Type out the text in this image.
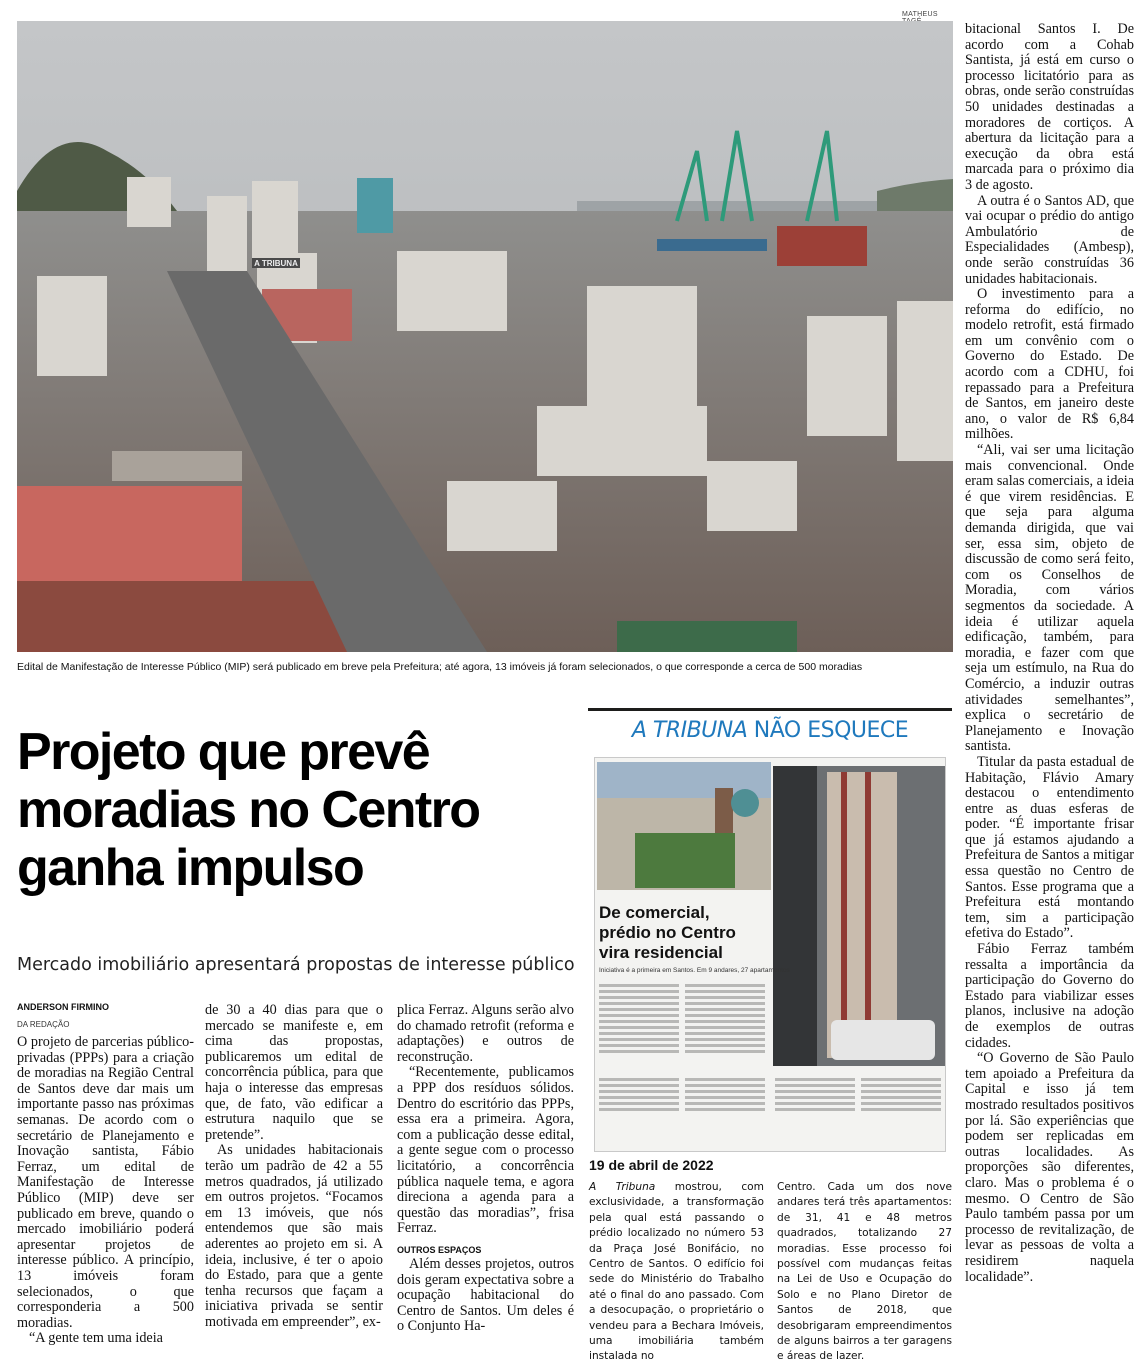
MATHEUS
A TRIBUNA
Edital de Manifestação de Interesse Público (MIP) será publicado em breve pela Prefeitura; até agora, 13 imóveis já foram selecionados, o que corresponde a cerca de 500 moradias
Projeto que prevê moradias no Centro ganha impulso
Mercado imobiliário apresentará propostas de interesse público
ANDERSON FIRMINO
DA REDAÇÃO

O projeto de parcerias público-privadas (PPPs) para a criação de moradias na Região Central de Santos deve dar mais um importante passo nas próximas semanas. De acordo com o secretário de Planejamento e Inovação santista, Fábio Ferraz, um edital de Manifestação de Interesse Público (MIP) deve ser publicado em breve, quando o mercado imobiliário poderá apresentar projetos de interesse público. A princípio, 13 imóveis foram selecionados, o que corresponderia a 500 moradias.

“A gente tem uma ideia

de 30 a 40 dias para que o mercado se manifeste e, em cima das propostas, publicaremos um edital de concorrência pública, para que haja o interesse das empresas que, de fato, vão edificar a estrutura naquilo que se pretende”.

As unidades habitacionais terão um padrão de 42 a 55 metros quadrados, já utilizado em outros projetos. “Focamos em 13 imóveis, que nós entendemos que são mais aderentes ao projeto em si. A ideia, inclusive, é ter o apoio do Estado, para que a gente tenha recursos que façam a iniciativa privada se sentir motivada em empreender”, ex-

plica Ferraz. Alguns serão alvo do chamado retrofit (reforma e adaptações) e outros de reconstrução.

“Recentemente, publicamos a PPP dos resíduos sólidos. Dentro do escritório das PPPs, essa era a primeira. Agora, com a publicação desse edital, a gente segue com o processo licitatório, a concorrência pública naquele tema, e agora direciona a agenda para a questão das moradias”, frisa Ferraz.

OUTROS ESPAÇOS

Além desses projetos, outros dois geram expectativa sobre a ocupação habitacional do Centro de Santos. Um deles é o Conjunto Ha-

bitacional Santos I. De acordo com a Cohab Santista, já está em curso o processo licitatório para as obras, onde serão construídas 50 unidades destinadas a moradores de cortiços. A abertura da licitação para a execução da obra está marcada para o próximo dia 3 de agosto.

A outra é o Santos AD, que vai ocupar o prédio do antigo Ambulatório de Especialidades (Ambesp), onde serão construídas 36 unidades habitacionais.

O investimento para a reforma do edifício, no modelo retrofit, está firmado em um convênio com o Governo do Estado. De acordo com a CDHU, foi repassado para a Prefeitura de Santos, em janeiro deste ano, o valor de R$ 6,84 milhões.

“Ali, vai ser uma licitação mais convencional. Onde eram salas comerciais, a ideia é que virem residências. E que seja para alguma demanda dirigida, que vai ser, essa sim, objeto de discussão de como será feito, com os Conselhos de Moradia, com vários segmentos da sociedade. A ideia é utilizar aquela edificação, também, para moradia, e fazer com que seja um estímulo, na Rua do Comércio, a induzir outras atividades semelhantes”, explica o secretário de Planejamento e Inovação santista.

Titular da pasta estadual de Habitação, Flávio Amary destacou o entendimento entre as duas esferas de poder. “É importante frisar que já estamos ajudando a Prefeitura de Santos a mitigar essa questão no Centro de Santos. Esse programa que a Prefeitura está montando tem, sim a participação efetiva do Estado”.

Fábio Ferraz também ressalta a importância da participação do Governo do Estado para viabilizar esses planos, inclusive na adoção de exemplos de outras cidades.

“O Governo de São Paulo tem apoiado a Prefeitura da Capital e isso já tem mostrado resultados positivos por lá. São experiências que podem ser replicadas em outras localidades. As proporções são diferentes, claro. Mas o problema é o mesmo. O Centro de São Paulo também passa por um processo de revitalização, de levar as pessoas de volta a residirem naquela localidade”.

A TRIBUNA NÃO ESQUECE
De comercial,
prédio no Centro
vira residencial
Iniciativa é a primeira em Santos. Em 9 andares, 27 apartamentos
19 de abril de 2022
A Tribuna mostrou, com exclusividade, a transformação pela qual está passando o prédio localizado no número 53 da Praça José Bonifácio, no Centro de Santos. O edifício foi sede do Ministério do Trabalho até o final do ano passado. Com a desocupação, o proprietário o vendeu para a Bechara Imóveis, uma imobiliária também instalada no
Centro. Cada um dos nove andares terá três apartamentos: de 31, 41 e 48 metros quadrados, totalizando 27 moradias. Esse processo foi possível com mudanças feitas na Lei de Uso e Ocupação do Solo e no Plano Diretor de Santos de 2018, que desobrigaram empreendimentos de alguns bairros a ter garagens e áreas de lazer.
